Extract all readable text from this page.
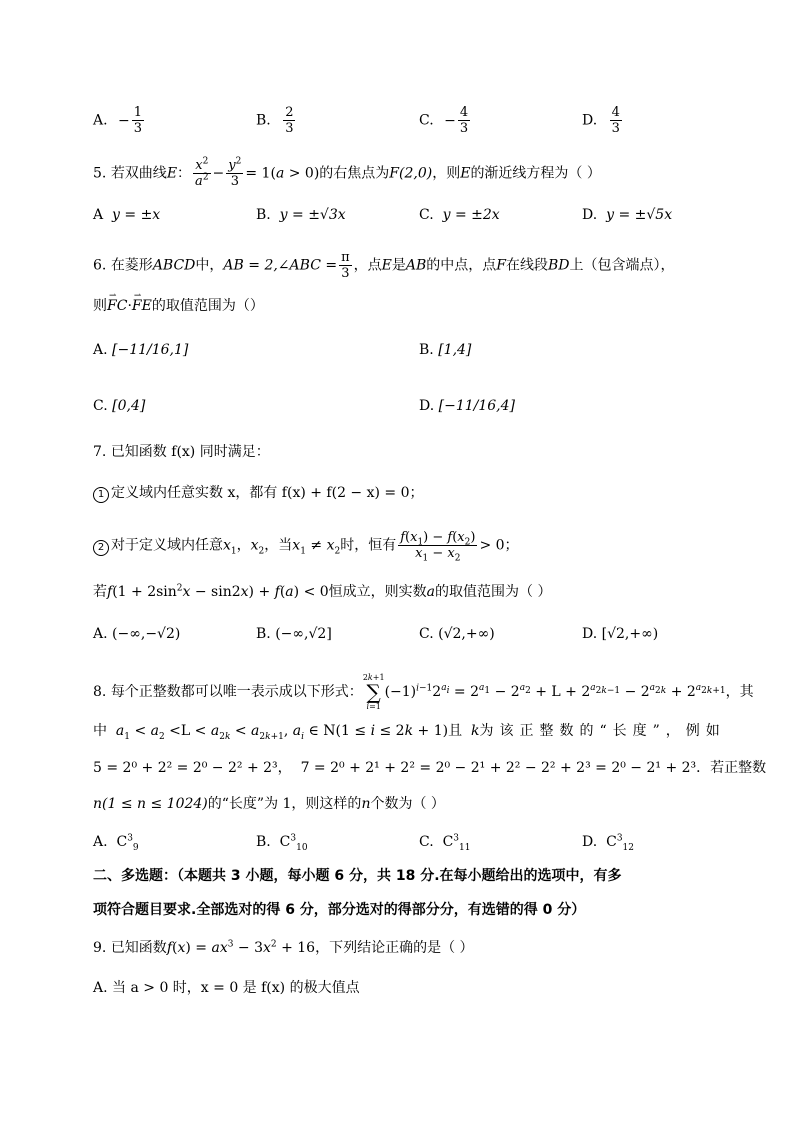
A. − $\frac{1}{3}$	B. $\frac{2}{3}$	C. − $\frac{4}{3}$	D. $\frac{4}{3}$
5. 若双曲线E： $\frac{x^2}{a^2} - \frac{y^2}{3} = 1(a > 0)$的右焦点为F(2,0)，则E的渐近线方程为（ ）
A y = ±x	B. y = ±√3x	C. y = ±2x	D. y = ±√5x
6. 在菱形ABCD中，AB = 2,∠ABC = $\frac{\pi}{3}$ ，点E是AB的中点，点F在线段BD上（包含端点），
则⇀ FC·⇀ FE的取值范围为（）
A. [−11/16,1]	B. [1,4]
C. [0,4]	D. [−11/16,4]
7. 已知函数 f(x) 同时满足：
1 定义域内任意实数 x，都有 f(x) + f(2 − x) = 0；
2 对于定义域内任意$x_1$，$x_2$，当$x_1 \ne x_2$时，恒有 $\frac{f(x_1) - f(x_2)}{x_1 - x_2} > 0$；
若$f(1 + 2\sin^2x - \sin 2x) + f(a) < 0$恒成立，则实数a的取值范围为（ ）
A. (−∞,−√2)	B. (−∞,√2]	C. (√2,+∞)	D. [√2,+∞)
8. 每个正整数都可以唯一表示成以下形式：
2k+1
∑
i=1
$(-1)^{i-1}2^{a_i} = 2^{a_1} - 2^{a_2} + L + 2^{a_{2k-1}} - 2^{a_{2k}} + 2^{a_{2k+1}}$，其
中 $a_1 < a_2 <L < a_{2k} < a_{2k+1}$, $a_i$ ∈ N(1 ≤ i ≤ 2k + 1)且 k为该正整数的“长度”，例如
5 = 2⁰ + 2² = 2⁰ − 2² + 2³， 7 = 2⁰ + 2¹ + 2² = 2⁰ − 2¹ + 2² − 2² + 2³ = 2⁰ − 2¹ + 2³．若正整数
n(1 ≤ n ≤ 1024)的“长度”为 1，则这样的n个数为（ ）
A.  $C^3_9$	B.  $C^3_{10}$	C.  $C^3_{11}$	D.  $C^3_{12}$
二、多选题：（本题共 3 小题，每小题 6 分，共 18 分.在每小题给出的选项中，有多
项符合题目要求.全部选对的得 6 分，部分选对的得部分分，有选错的得 0 分）
9. 已知函数$f(x) = ax^3 - 3x^2 + 16$，下列结论正确的是（ ）
A. 当 a > 0 时，x = 0 是 f(x) 的极大值点
